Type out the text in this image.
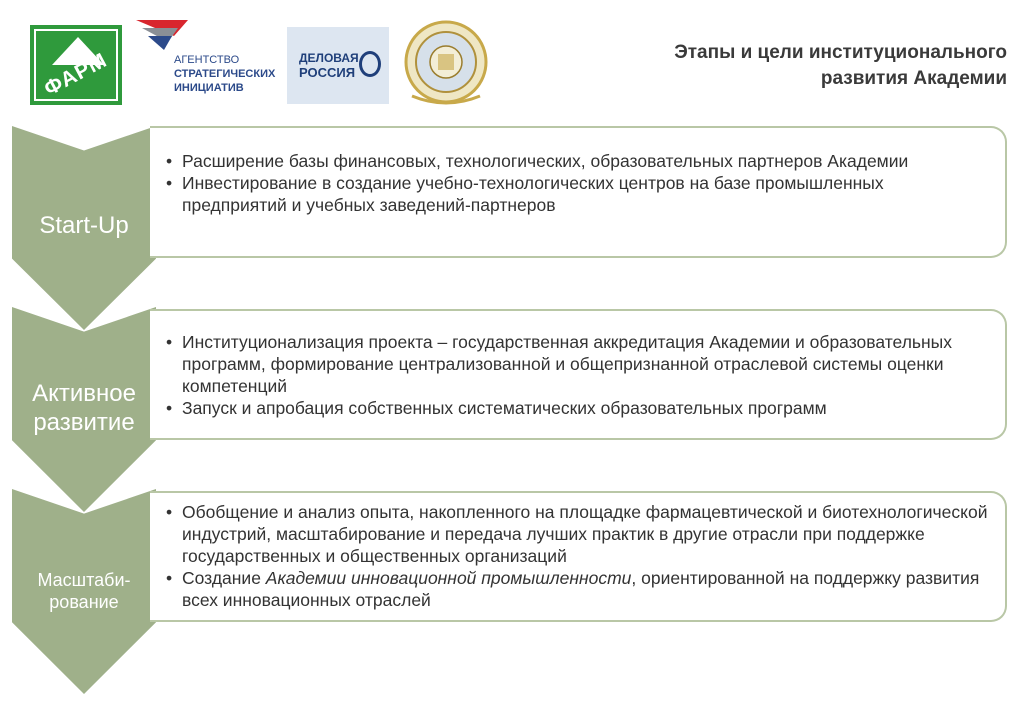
ФАРМ	АГЕНТСТВО
СТРАТЕГИЧЕСКИХ
ИНИЦИАТИВ
ДЕЛОВАЯ
РОССИЯ
Этапы и цели институционального
развития Академии
Start-Up
• Расширение базы финансовых, технологических, образовательных партнеров Академии
• Инвестирование в создание учебно-технологических центров на базе промышленных предприятий и учебных заведений-партнеров
Активное
развитие
• Институционализация проекта – государственная аккредитация Академии и образовательных программ, формирование централизованной и общепризнанной отраслевой системы оценки компетенций
• Запуск и апробация собственных систематических образовательных программ
Масштаби-
рование
• Обобщение и анализ опыта, накопленного на площадке фармацевтической и биотехнологической индустрий, масштабирование и передача лучших практик в другие отрасли при поддержке государственных и общественных организаций
• Создание Академии инновационной промышленности, ориентированной на поддержку развития всех инновационных отраслей
